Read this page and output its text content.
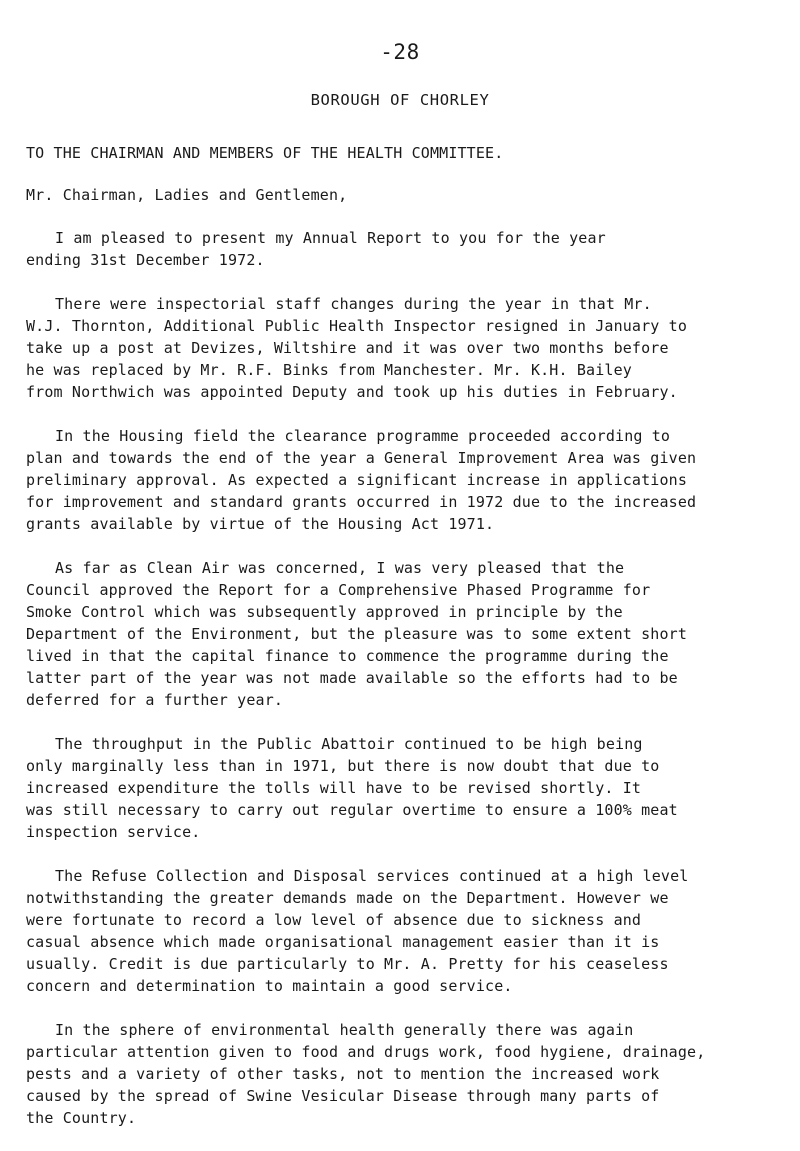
-28
BOROUGH OF CHORLEY
TO THE CHAIRMAN AND MEMBERS OF THE HEALTH COMMITTEE.
Mr. Chairman, Ladies and Gentlemen,
I am pleased to present my Annual Report to you for the year
ending 31st December 1972.
There were inspectorial staff changes during the year in that Mr.
W.J. Thornton, Additional Public Health Inspector resigned in January to
take up a post at Devizes, Wiltshire and it was over two months before
he was replaced by Mr. R.F. Binks from Manchester. Mr. K.H. Bailey
from Northwich was appointed Deputy and took up his duties in February.
In the Housing field the clearance programme proceeded according to
plan and towards the end of the year a General Improvement Area was given
preliminary approval. As expected a significant increase in applications
for improvement and standard grants occurred in 1972 due to the increased
grants available by virtue of the Housing Act 1971.
As far as Clean Air was concerned, I was very pleased that the
Council approved the Report for a Comprehensive Phased Programme for
Smoke Control which was subsequently approved in principle by the
Department of the Environment, but the pleasure was to some extent short
lived in that the capital finance to commence the programme during the
latter part of the year was not made available so the efforts had to be
deferred for a further year.
The throughput in the Public Abattoir continued to be high being
only marginally less than in 1971, but there is now doubt that due to
increased expenditure the tolls will have to be revised shortly. It
was still necessary to carry out regular overtime to ensure a 100% meat
inspection service.
The Refuse Collection and Disposal services continued at a high level
notwithstanding the greater demands made on the Department. However we
were fortunate to record a low level of absence due to sickness and
casual absence which made organisational management easier than it is
usually. Credit is due particularly to Mr. A. Pretty for his ceaseless
concern and determination to maintain a good service.
In the sphere of environmental health generally there was again
particular attention given to food and drugs work, food hygiene, drainage,
pests and a variety of other tasks, not to mention the increased work
caused by the spread of Swine Vesicular Disease through many parts of
the Country.
